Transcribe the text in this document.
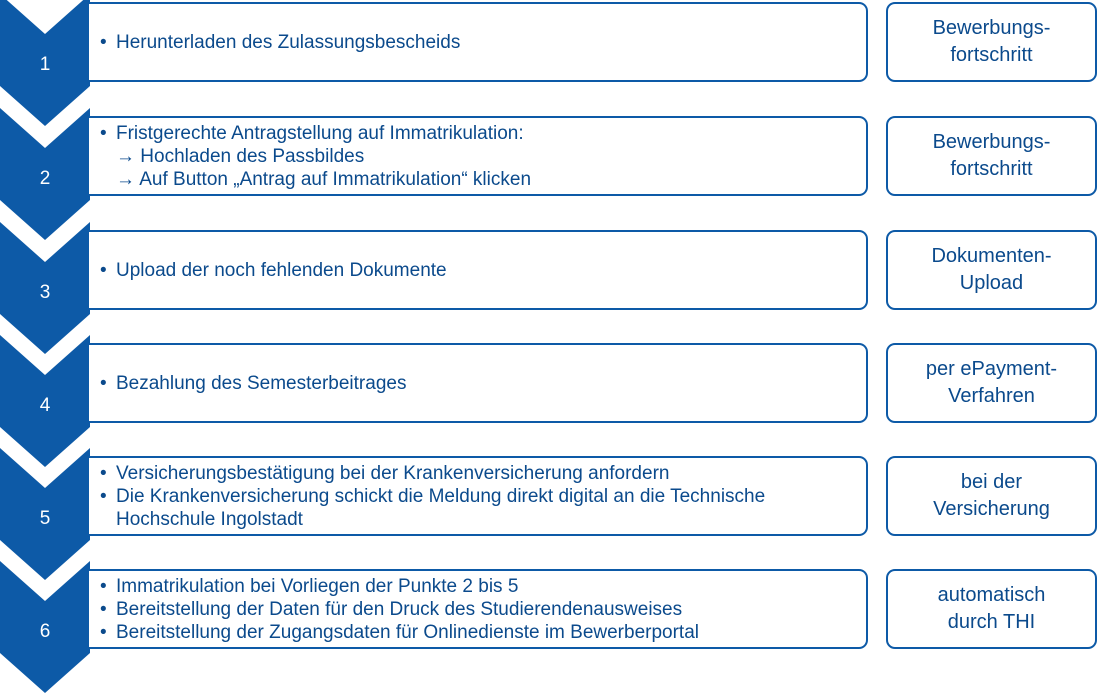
1
• Herunterladen des Zulassungsbescheids
Bewerbungs-
fortschritt
2
• Fristgerechte Antragstellung auf Immatrikulation:
→ Hochladen des Passbildes
→ Auf Button „Antrag auf Immatrikulation“ klicken
Bewerbungs-
fortschritt
3
• Upload der noch fehlenden Dokumente
Dokumenten-
Upload
4
• Bezahlung des Semesterbeitrages
per ePayment-
Verfahren
5
• Versicherungsbestätigung bei der Krankenversicherung anfordern
• Die Krankenversicherung schickt die Meldung direkt digital an die Technische Hochschule Ingolstadt
bei der
Versicherung
6
• Immatrikulation bei Vorliegen der Punkte 2 bis 5
• Bereitstellung der Daten für den Druck des Studierendenausweises
• Bereitstellung der Zugangsdaten für Onlinedienste im Bewerberportal
automatisch
durch THI
